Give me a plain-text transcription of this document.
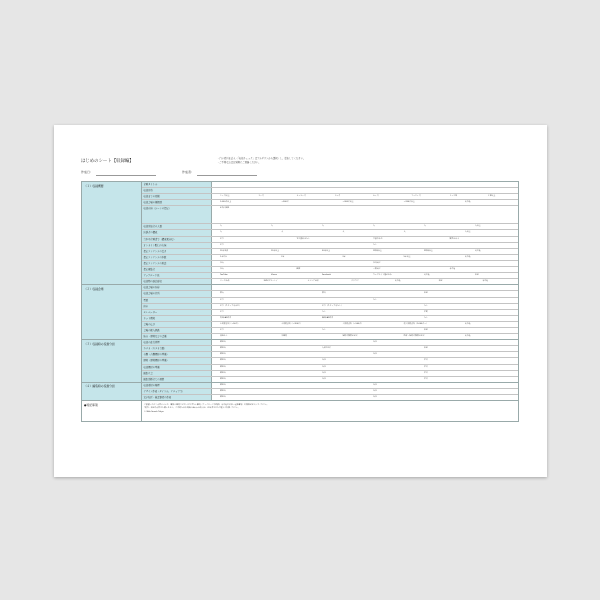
はじめのシート【収録編】
・白い項目を記入（「収録チェック」はプルダウンから選択）し、提出してください。
・ご不明な点はお気軽にご連絡ください。
作成日：	作成者：
（１）収録概要	企画タイトル
収録日時
収録までの期間	１ヶ月以上	３ヶ月	４〜５ヶ月	５ヶ月	６ヶ月	７〜８ヶ月	１〜２年	１年以上
収録会場の規模感	1,000名以上	〜500名	〜300名以上	〜200名以上	その他
収録内容（シーンの想定）	※自由記載
収録参加者の人数	人	人	人	人	人	人以上
出演者の構成	人	人	人	人	人以上
台本や企画書等（構成案含む）	あり	まだ資料はなし	口頭のみで	聞き込み中
オンライン配信の有無	あり	なし
想定コンテンツの長さ	15分未満	15分以上	30分以上	1時間以上	2時間以上	その他
想定コンテンツの本数	1本のみ	2本	3本	5本以上	その他
想定コンテンツの用途	社内	社外向け
想定視聴者	社内	顧客	一般向け	その他
アップロード先	YouTube	Vimeo	Facebook	ウェブサイト埋め込み	その他	未定
収録物の納品形式	データ納品	DVD/ブルーレイ	メディア納品	クラウド	その他	未定	その他
（２）収録会場	収録会場の名称
収録会場の住所	都内	都外	未定
電源	あり	なし
控室	あり（スタッフ分含む）	あり（スタッフ分なし）	なし
エレベーター	あり	なし	不明
ネット環境	有線LAN有り	無線LAN有り	なし
会場の広さ	小規模会場（〜50名）	中規模会場（〜200名）	大規模会場（〜500名）	超大規模会場（1,000名〜）	その他
会場の搬入経路	あり	なし	未定
防音・照明などの設備	問題なし	要確認	照明の調整が必要	防音・照明の調整が必要	その他
（３）収録時の役割分担	収録の進行管理	御担当	当社
カメラ（カメラ台数）	御担当	人数で2名	未定
音響（音響機材の準備）	御担当	当社
照明（照明機材の準備）	御担当	当社	不要
収録機材の準備	御担当	当社	不要
撮影立会	御担当	当社	不要
撮影関係者との連携	御担当	当社	不要
（４）編集時の役割分担	収録素材の整理	御担当	当社
デザイン作成（タイトル、テロップ等）	御担当	当社
文字校正・確認事項の作成	御担当	当社
●特記事項	ご依頼いただく内容について、事前に確認させていただきたい事項（アップロードの時期、その他の状況・収録事項）の詳細を記入してください。
*現在、未定の内容でも構いません。ご不明な点や判断に迷われる場合は、担当者までお気軽にご相談ください。
© Web Search Tokyo
